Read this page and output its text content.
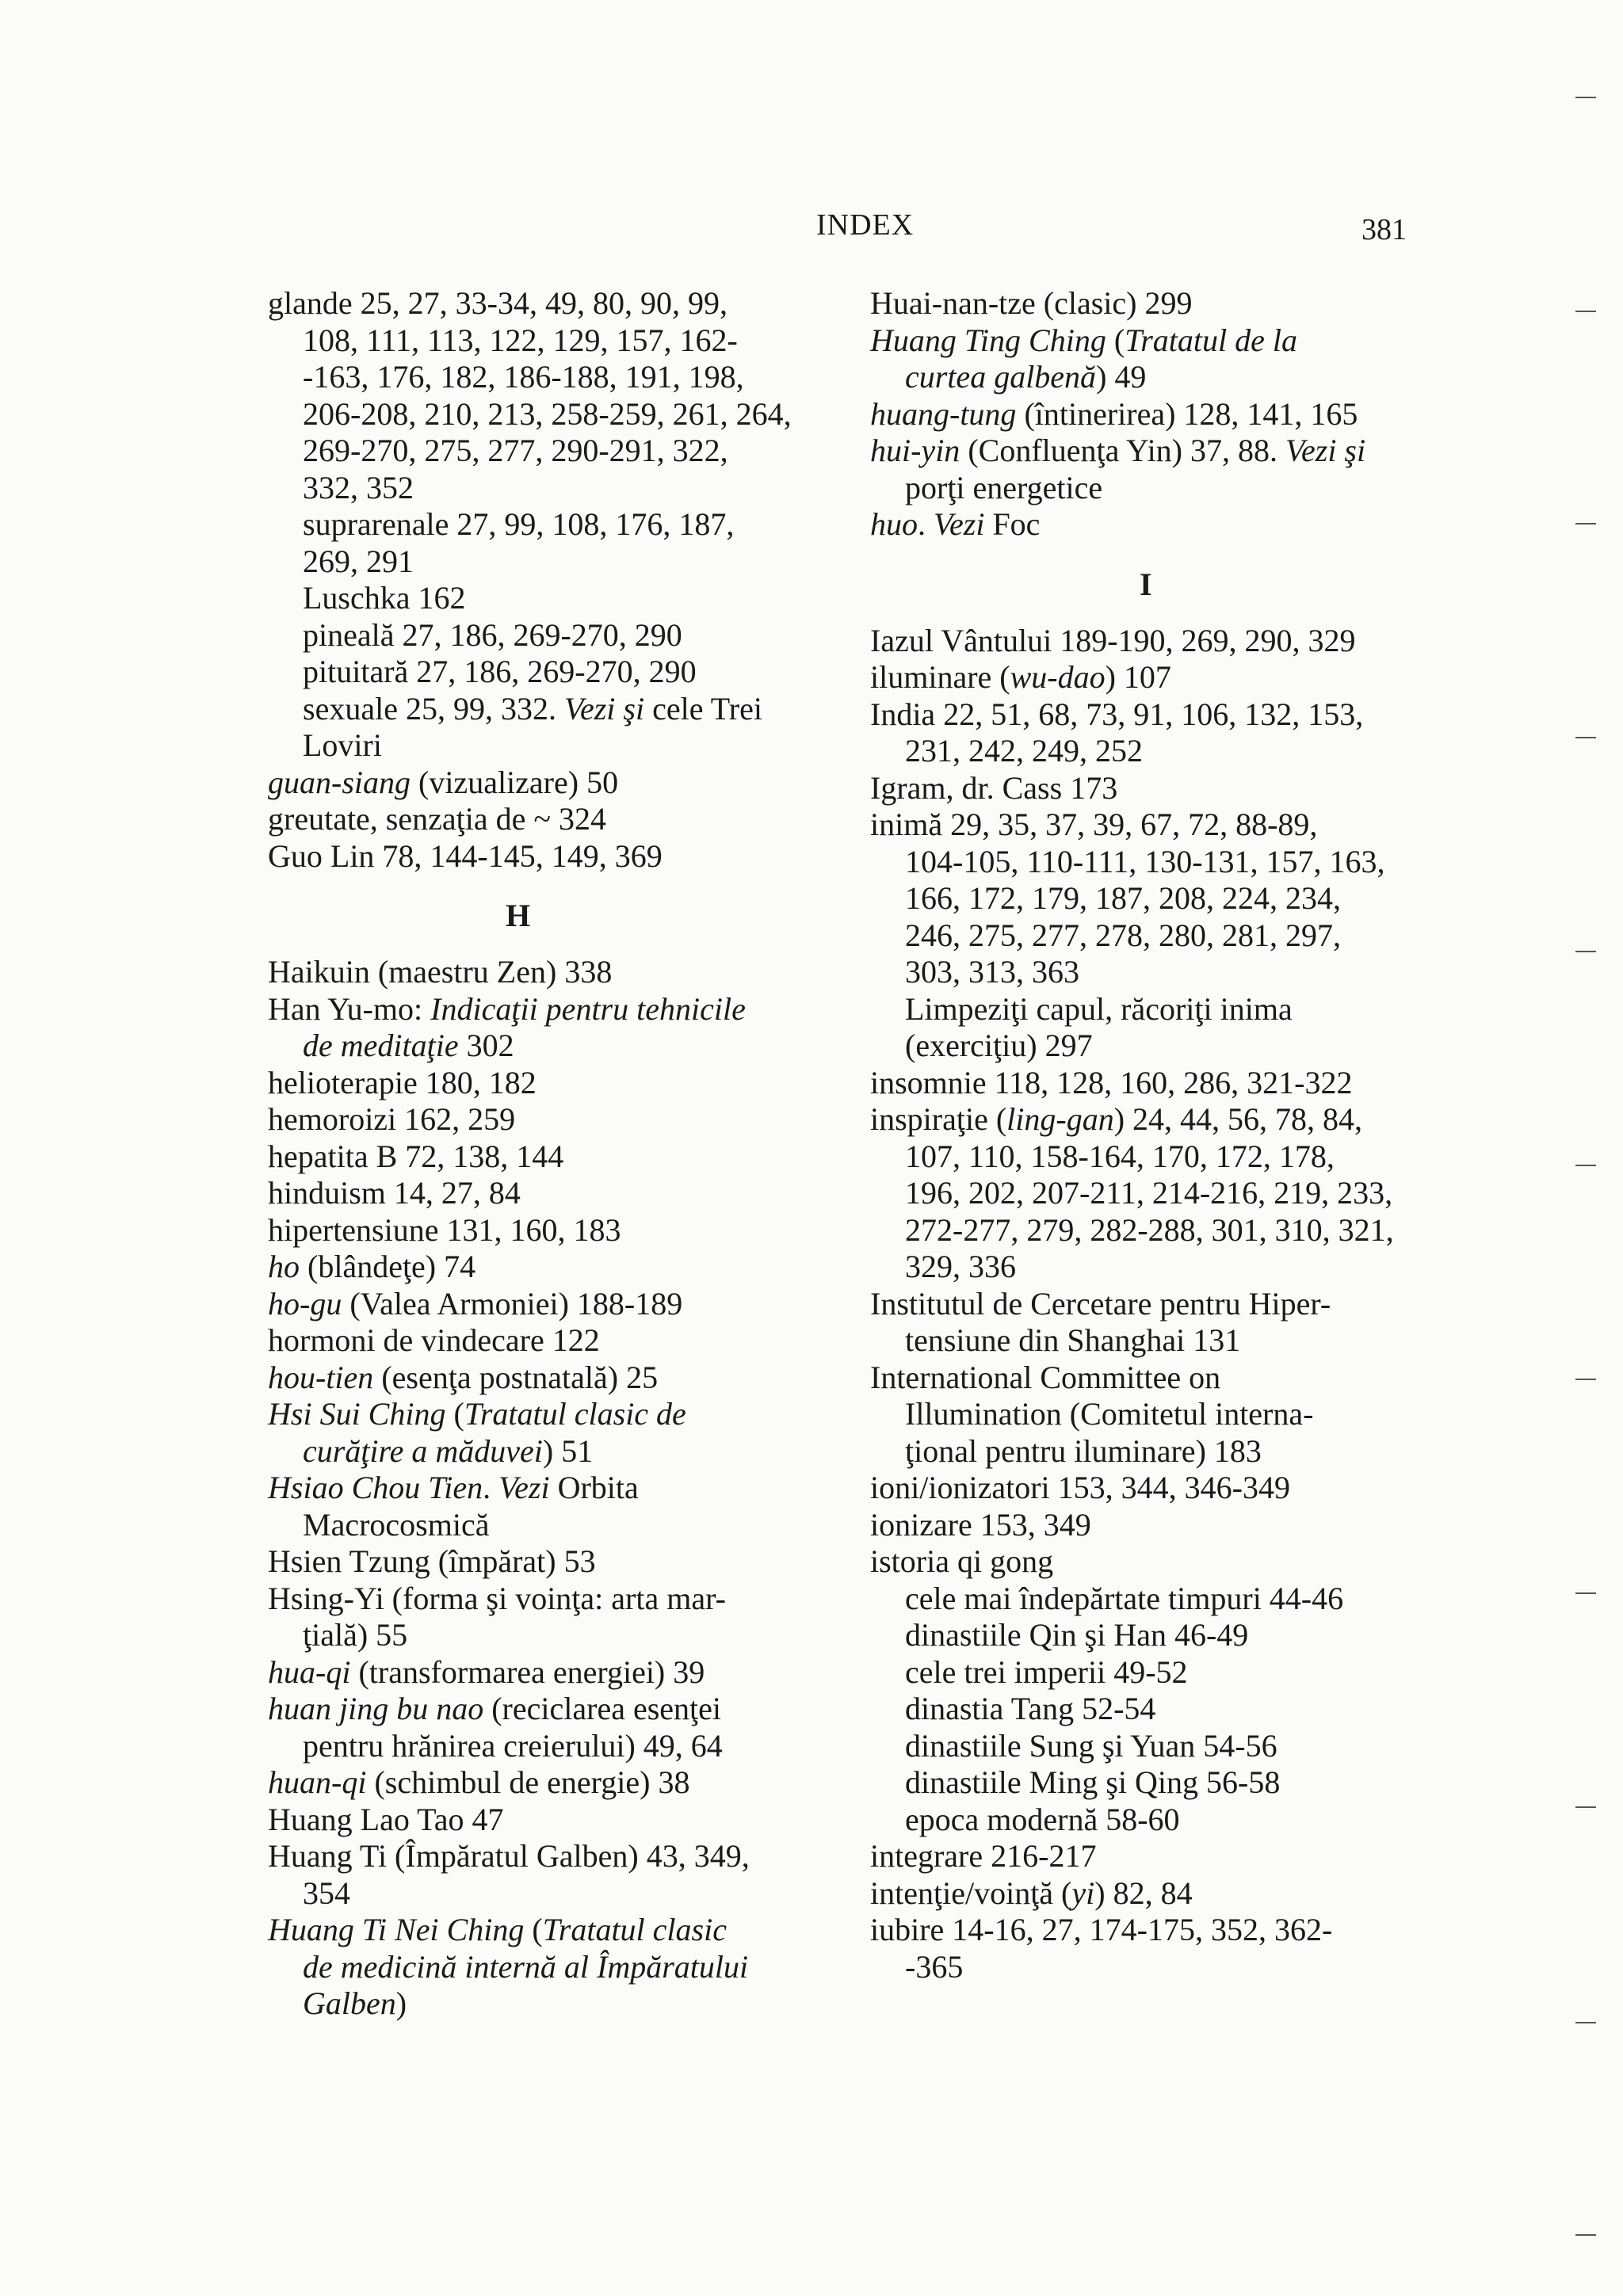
INDEX	381
glande 25, 27, 33-34, 49, 80, 90, 99,
108, 111, 113, 122, 129, 157, 162-
-163, 176, 182, 186-188, 191, 198,
206-208, 210, 213, 258-259, 261, 264,
269-270, 275, 277, 290-291, 322,
332, 352
suprarenale 27, 99, 108, 176, 187,
269, 291
Luschka 162
pineală 27, 186, 269-270, 290
pituitară 27, 186, 269-270, 290
sexuale 25, 99, 332. Vezi şi cele Trei
Loviri
guan-siang (vizualizare) 50
greutate, senzaţia de ~ 324
Guo Lin 78, 144-145, 149, 369
H
Haikuin (maestru Zen) 338
Han Yu-mo: Indicaţii pentru tehnicile
de meditaţie 302
helioterapie 180, 182
hemoroizi 162, 259
hepatita B 72, 138, 144
hinduism 14, 27, 84
hipertensiune 131, 160, 183
ho (blândeţe) 74
ho-gu (Valea Armoniei) 188-189
hormoni de vindecare 122
hou-tien (esenţa postnatală) 25
Hsi Sui Ching (Tratatul clasic de
curăţire a măduvei) 51
Hsiao Chou Tien. Vezi Orbita
Macrocosmică
Hsien Tzung (împărat) 53
Hsing-Yi (forma şi voinţa: arta mar-
ţială) 55
hua-qi (transformarea energiei) 39
huan jing bu nao (reciclarea esenţei
pentru hrănirea creierului) 49, 64
huan-qi (schimbul de energie) 38
Huang Lao Tao 47
Huang Ti (Împăratul Galben) 43, 349,
354
Huang Ti Nei Ching (Tratatul clasic
de medicină internă al Împăratului
Galben)
Huai-nan-tze (clasic) 299
Huang Ting Ching (Tratatul de la
curtea galbenă) 49
huang-tung (întinerirea) 128, 141, 165
hui-yin (Confluenţa Yin) 37, 88. Vezi şi
porţi energetice
huo. Vezi Foc
I
Iazul Vântului 189-190, 269, 290, 329
iluminare (wu-dao) 107
India 22, 51, 68, 73, 91, 106, 132, 153,
231, 242, 249, 252
Igram, dr. Cass 173
inimă 29, 35, 37, 39, 67, 72, 88-89,
104-105, 110-111, 130-131, 157, 163,
166, 172, 179, 187, 208, 224, 234,
246, 275, 277, 278, 280, 281, 297,
303, 313, 363
Limpeziţi capul, răcoriţi inima
(exerciţiu) 297
insomnie 118, 128, 160, 286, 321-322
inspiraţie (ling-gan) 24, 44, 56, 78, 84,
107, 110, 158-164, 170, 172, 178,
196, 202, 207-211, 214-216, 219, 233,
272-277, 279, 282-288, 301, 310, 321,
329, 336
Institutul de Cercetare pentru Hiper-
tensiune din Shanghai 131
International Committee on
Illumination (Comitetul interna-
ţional pentru iluminare) 183
ioni/ionizatori 153, 344, 346-349
ionizare 153, 349
istoria qi gong
cele mai îndepărtate timpuri 44-46
dinastiile Qin şi Han 46-49
cele trei imperii 49-52
dinastia Tang 52-54
dinastiile Sung şi Yuan 54-56
dinastiile Ming şi Qing 56-58
epoca modernă 58-60
integrare 216-217
intenţie/voinţă (yi) 82, 84
iubire 14-16, 27, 174-175, 352, 362-
-365
